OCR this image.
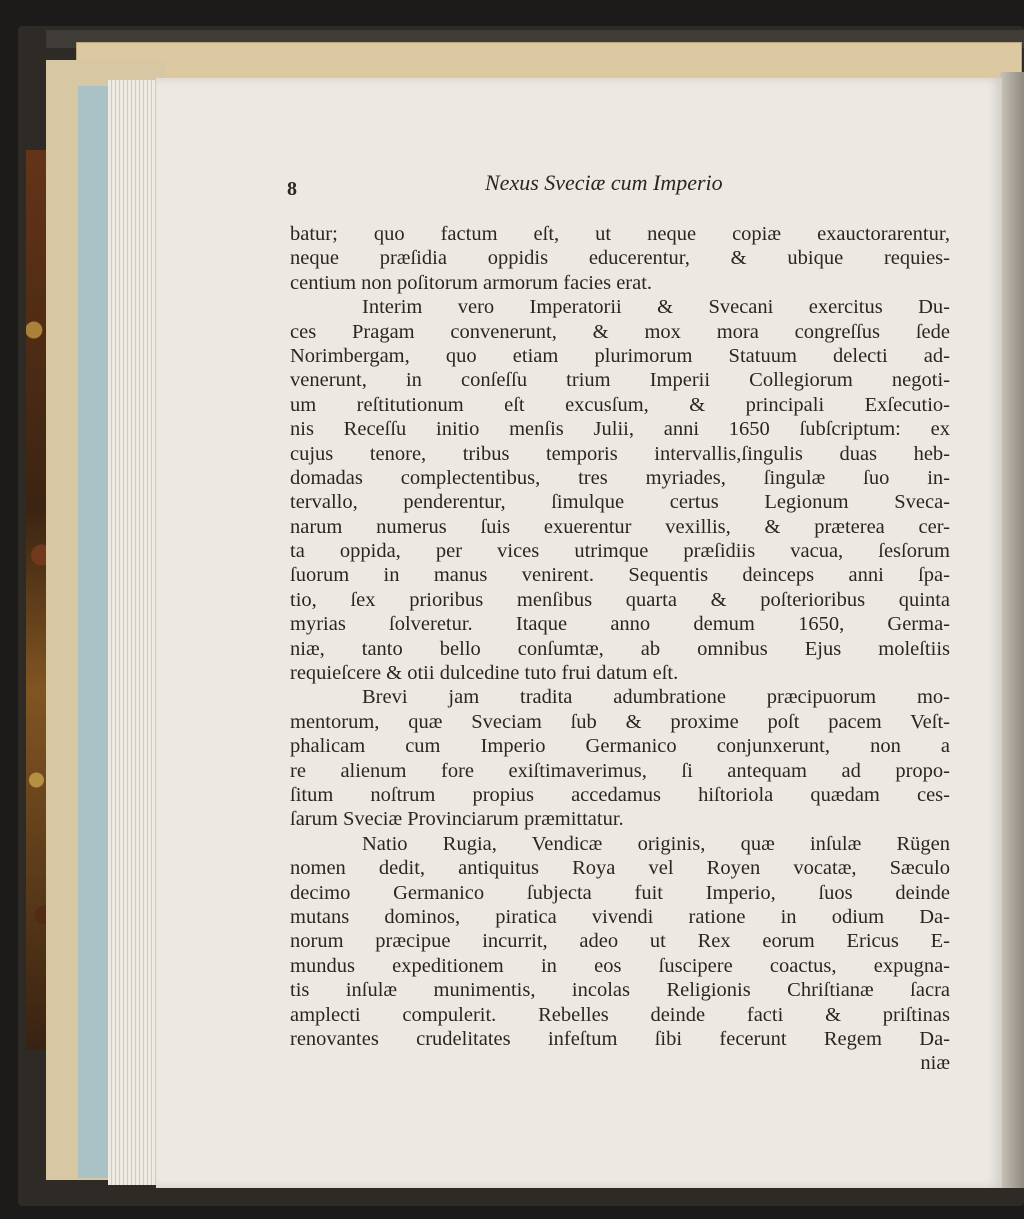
8	Nexus Sveciæ cum Imperio
batur; quo factum eſt, ut neque copiæ exauctorarentur,
neque præſidia oppidis educerentur, & ubique requies-
centium non poſitorum armorum facies erat.
Interim vero Imperatorii & Svecani exercitus Du-
ces Pragam convenerunt, & mox mora congreſſus ſede
Norimbergam, quo etiam plurimorum Statuum delecti ad-
venerunt, in conſeſſu trium Imperii Collegiorum negoti-
um reſtitutionum eſt excusſum, & principali Exſecutio-
nis Receſſu initio menſis Julii, anni 1650 ſubſcriptum: ex
cujus tenore, tribus temporis intervallis,ſingulis duas heb-
domadas complectentibus, tres myriades, ſingulæ ſuo in-
tervallo, penderentur, ſimulque certus Legionum Sveca-
narum numerus ſuis exuerentur vexillis, & præterea cer-
ta oppida, per vices utrimque præſidiis vacua, ſesſorum
ſuorum in manus venirent. Sequentis deinceps anni ſpa-
tio, ſex prioribus menſibus quarta & poſterioribus quinta
myrias ſolveretur. Itaque anno demum 1650, Germa-
niæ, tanto bello conſumtæ, ab omnibus Ejus moleſtiis
requieſcere & otii dulcedine tuto frui datum eſt.
Brevi jam tradita adumbratione præcipuorum mo-
mentorum, quæ Sveciam ſub & proxime poſt pacem Veſt-
phalicam cum Imperio Germanico conjunxerunt, non a
re alienum fore exiſtimaverimus, ſi antequam ad propo-
ſitum noſtrum propius accedamus hiſtoriola quædam ces-
ſarum Sveciæ Provinciarum præmittatur.
Natio Rugia, Vendicæ originis, quæ inſulæ Rügen
nomen dedit, antiquitus Roya vel Royen vocatæ, Sæculo
decimo Germanico ſubjecta fuit Imperio, ſuos deinde
mutans dominos, piratica vivendi ratione in odium Da-
norum præcipue incurrit, adeo ut Rex eorum Ericus E-
mundus expeditionem in eos ſuscipere coactus, expugna-
tis inſulæ munimentis, incolas Religionis Chriſtianæ ſacra
amplecti compulerit. Rebelles deinde facti & priſtinas
renovantes crudelitates infeſtum ſibi fecerunt Regem Da-
niæ
